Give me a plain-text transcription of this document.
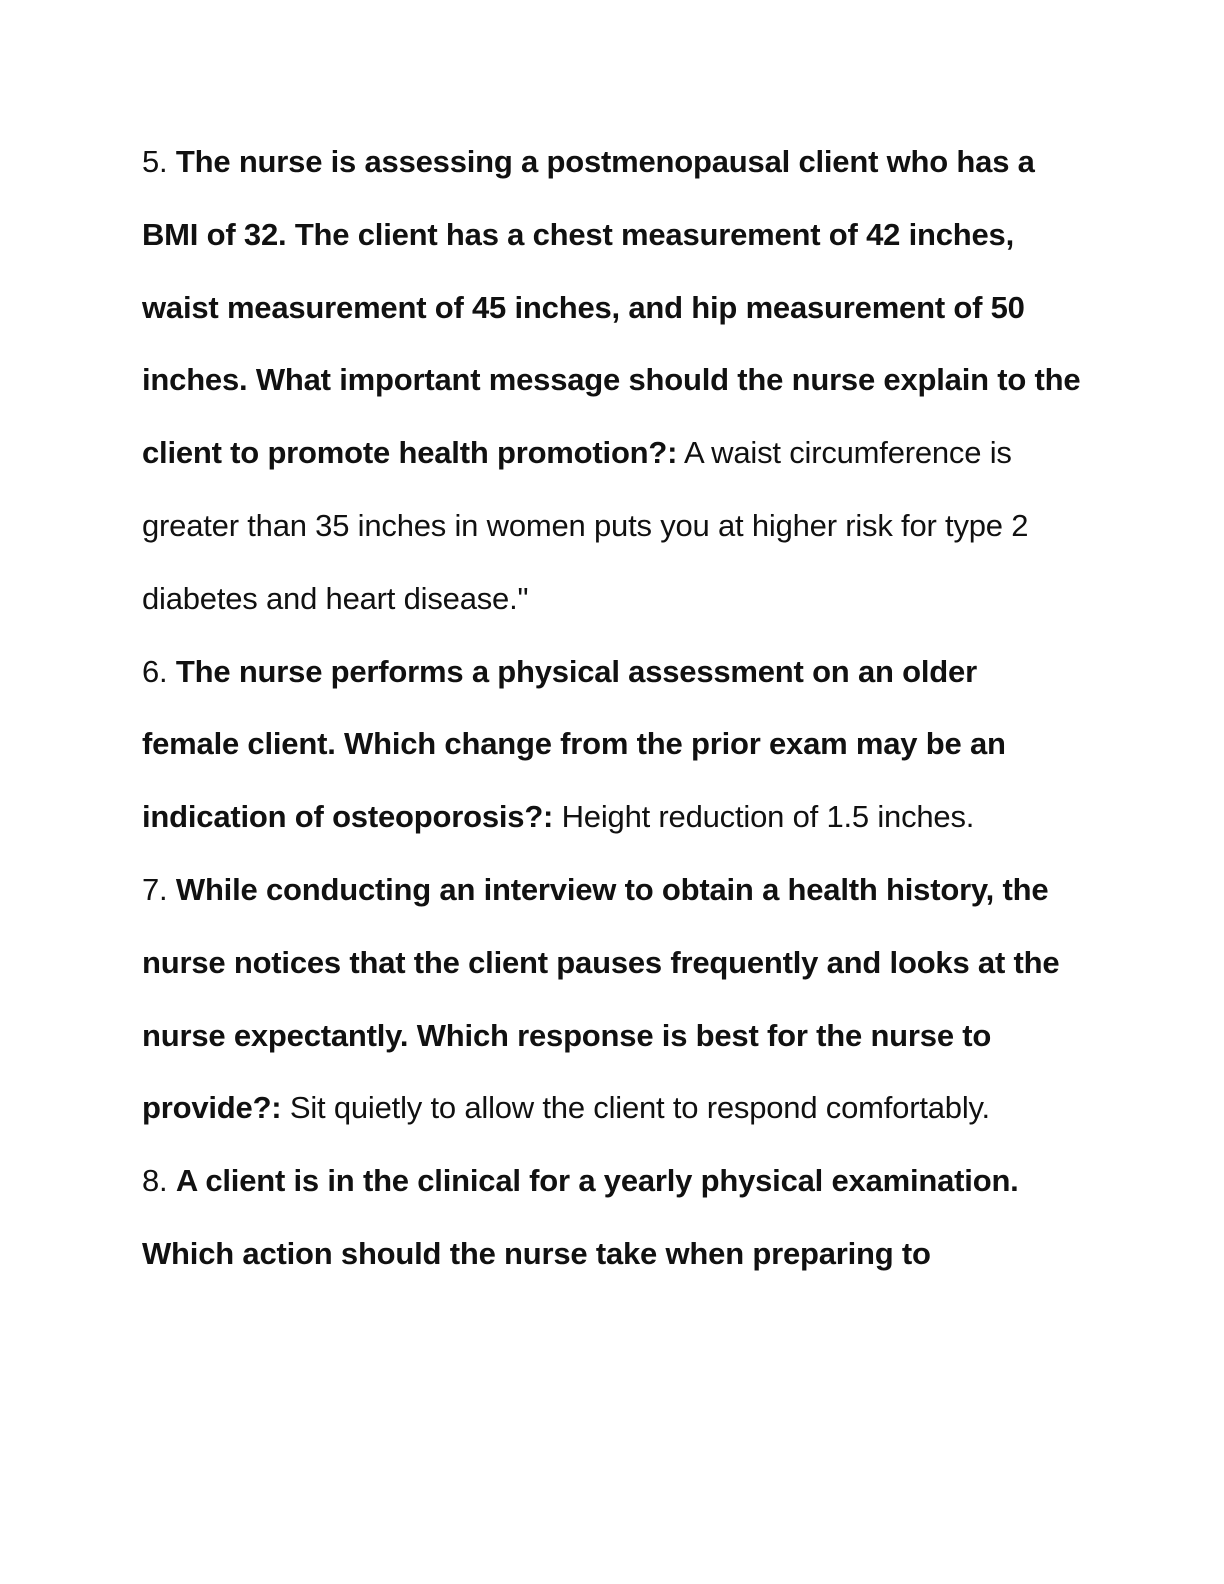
5. The nurse is assessing a postmenopausal client who has a BMI of 32. The client has a chest measurement of 42 inches, waist measurement of 45 inches, and hip measurement of 50 inches. What important message should the nurse explain to the client to promote health promotion?: A waist circumference is greater than 35 inches in women puts you at higher risk for type 2 diabetes and heart disease."

6. The nurse performs a physical assessment on an older female client. Which change from the prior exam may be an indication of osteoporosis?: Height reduction of 1.5 inches.

7. While conducting an interview to obtain a health history, the nurse notices that the client pauses frequently and looks at the nurse expectantly. Which response is best for the nurse to provide?: Sit quietly to allow the client to respond comfortably.

8. A client is in the clinical for a yearly physical examination. Which action should the nurse take when preparing to
